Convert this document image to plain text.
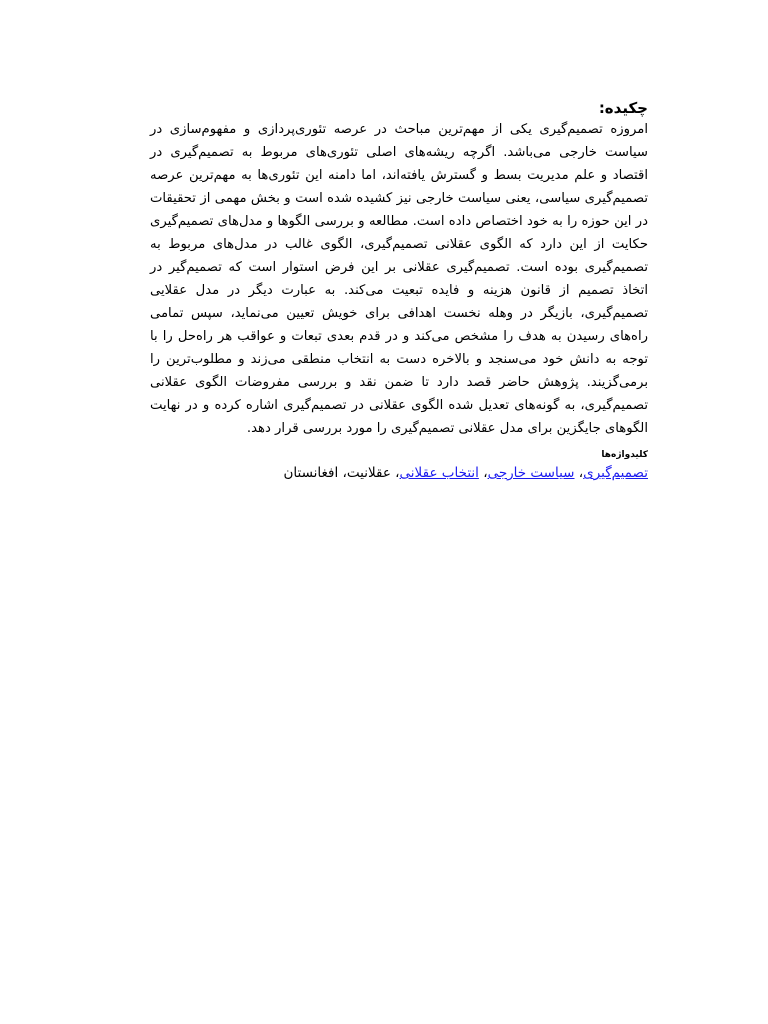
چکیده:

امروزه تصمیم‌گیری یکی از مهم‌ترین مباحث در عرصه تئوری‌پردازی و مفهوم‌سازی در سیاست خارجی می‌باشد. اگرچه ریشه‌های اصلی تئوری‌های مربوط به تصمیم‌گیری در اقتصاد و علم مدیریت بسط و گسترش یافته‌اند، اما دامنه این تئوری‌ها به مهم‌ترین عرصه تصمیم‌گیری سیاسی، یعنی سیاست خارجی نیز کشیده شده است و بخش مهمی از تحقیقات در این حوزه را به خود اختصاص داده است. مطالعه و بررسی الگوها و مدل‌های تصمیم‌گیری حکایت از این دارد که الگوی عقلانی تصمیم‌گیری، الگوی غالب در مدل‌های مربوط به تصمیم‌گیری بوده است. تصمیم‌گیری عقلانی بر این فرض استوار است که تصمیم‌گیر در اتخاذ تصمیم از قانون هزینه و فایده تبعیت می‌کند. به عبارت دیگر در مدل عقلایی تصمیم‌گیری، بازیگر در وهله نخست اهدافی برای خویش تعیین می‌نماید، سپس تمامی راه‌های رسیدن به هدف را مشخص می‌کند و در قدم بعدی تبعات و عواقب هر راه‌حل را با توجه به دانش خود می‌سنجد و بالاخره دست به انتخاب منطقی می‌زند و مطلوب‌ترین را برمی‌گزیند. پژوهش حاضر قصد دارد تا ضمن نقد و بررسی مفروضات الگوی عقلانی تصمیم‌گیری، به گونه‌های تعدیل شده الگوی عقلانی در تصمیم‌گیری اشاره کرده و در نهایت الگوهای جایگزین برای مدل عقلانی تصمیم‌گیری را مورد بررسی قرار دهد.

کلیدواژه‌ها

تصمیم‌گیری، سیاست خارجی، انتخاب عقلانی، عقلانیت، افغانستان
